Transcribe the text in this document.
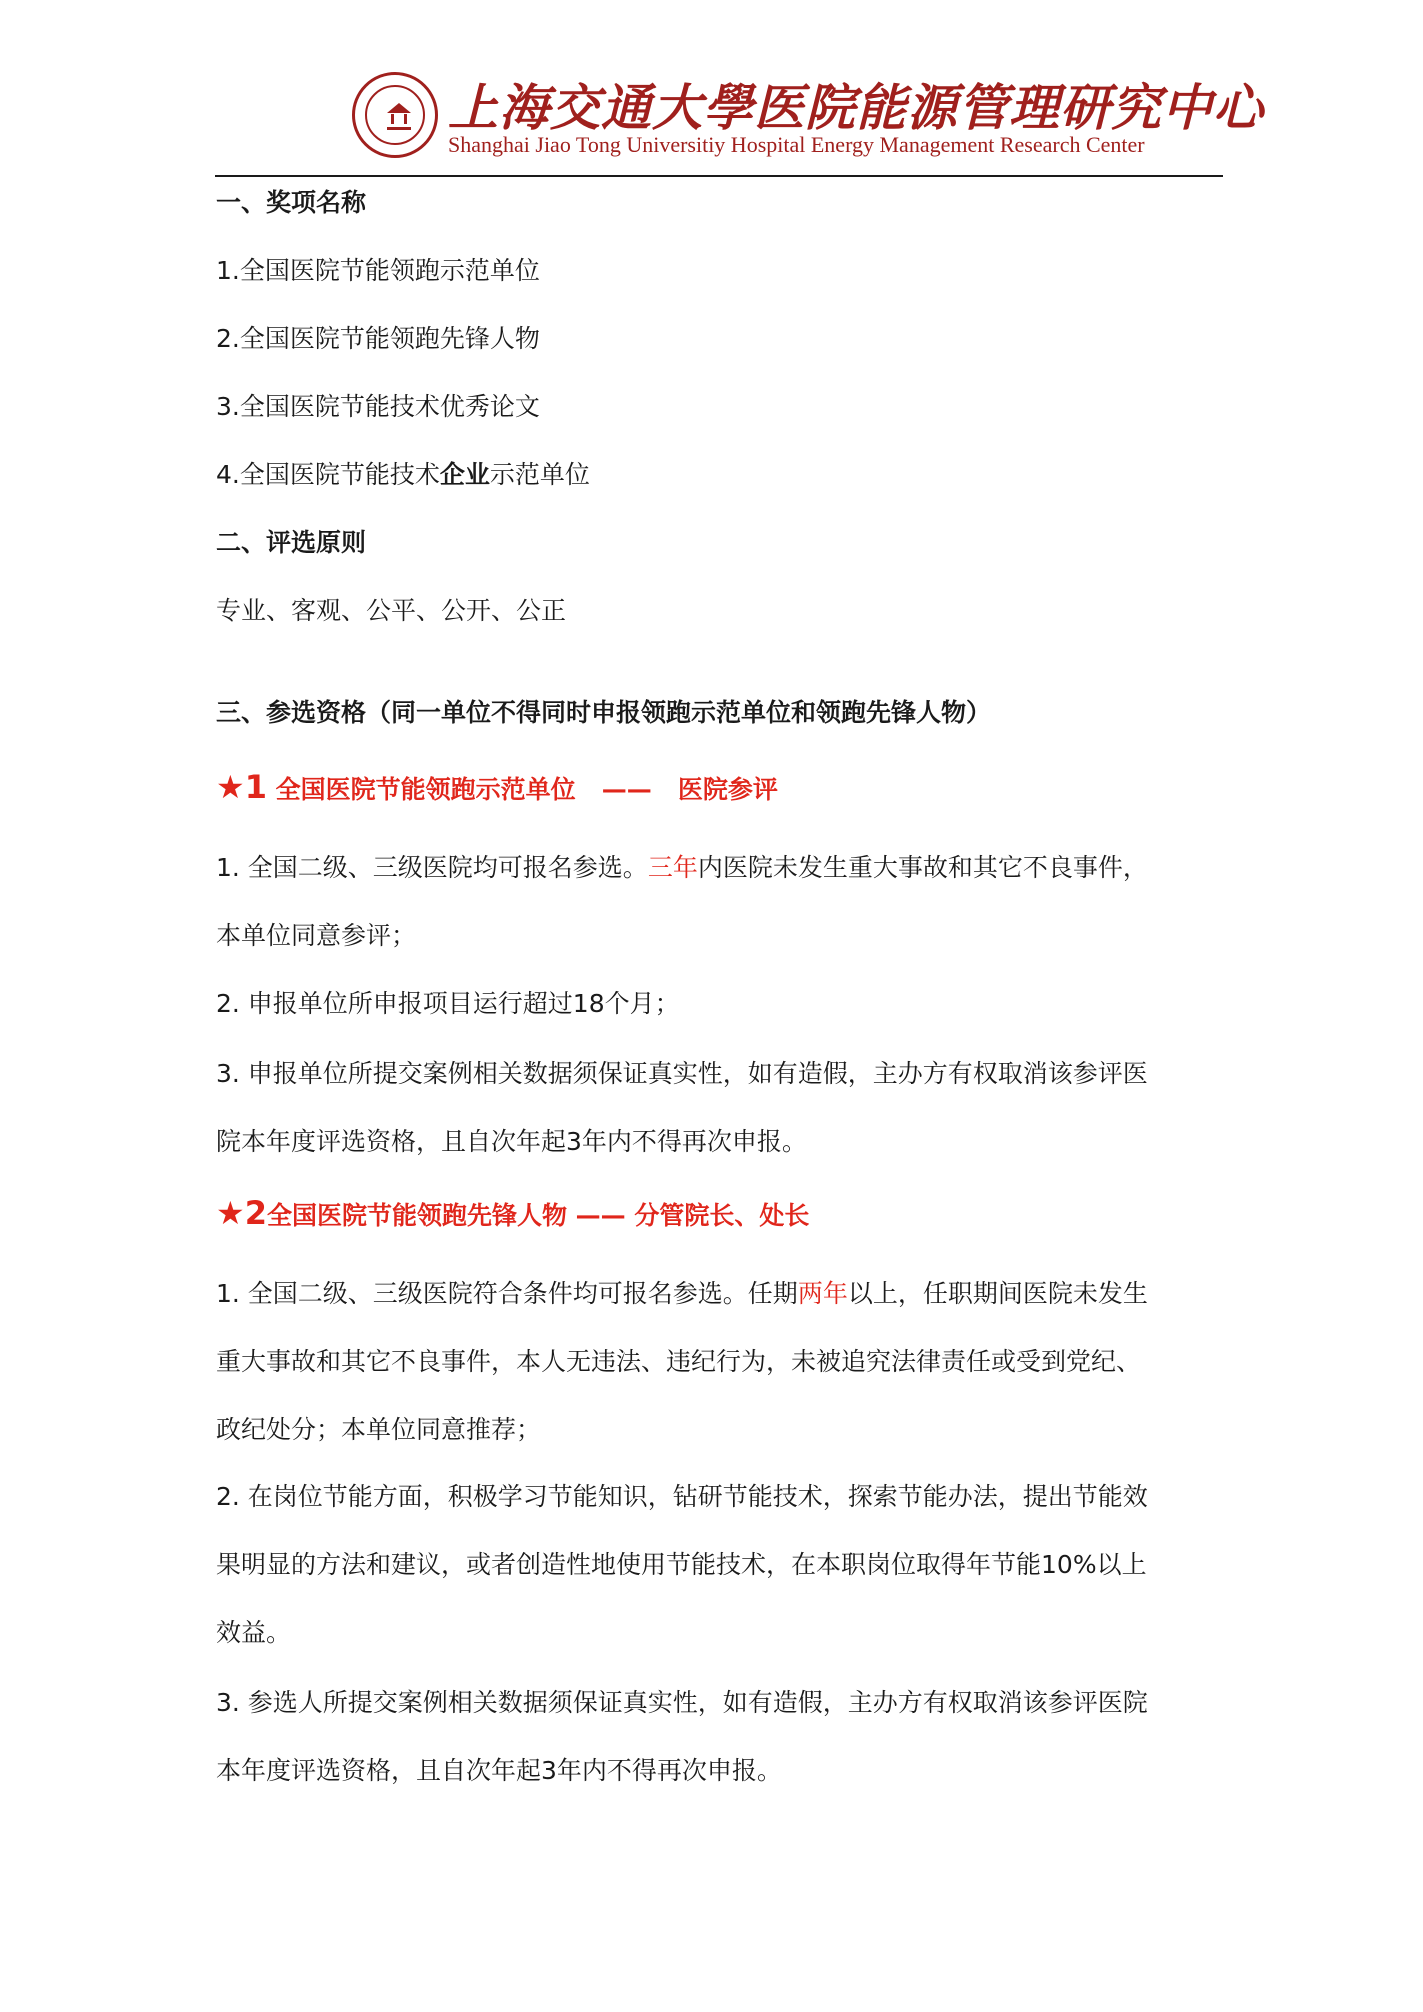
上海交通大學医院能源管理研究中心
Shanghai Jiao Tong Universitiy Hospital Energy Management Research Center
一、奖项名称
1.全国医院节能领跑示范单位
2.全国医院节能领跑先锋人物
3.全国医院节能技术优秀论文
4.全国医院节能技术企业示范单位
二、评选原则
专业、客观、公平、公开、公正
三、参选资格（同一单位不得同时申报领跑示范单位和领跑先锋人物）
★1 全国医院节能领跑示范单位   ——   医院参评
1. 全国二级、三级医院均可报名参选。三年内医院未发生重大事故和其它不良事件，
本单位同意参评；
2. 申报单位所申报项目运行超过18个月；
3. 申报单位所提交案例相关数据须保证真实性，如有造假，主办方有权取消该参评医
院本年度评选资格，且自次年起3年内不得再次申报。
★2全国医院节能领跑先锋人物 —— 分管院长、处长
1. 全国二级、三级医院符合条件均可报名参选。任期两年以上，任职期间医院未发生
重大事故和其它不良事件，本人无违法、违纪行为，未被追究法律责任或受到党纪、
政纪处分；本单位同意推荐；
2. 在岗位节能方面，积极学习节能知识，钻研节能技术，探索节能办法，提出节能效
果明显的方法和建议，或者创造性地使用节能技术，在本职岗位取得年节能10%以上
效益。
3. 参选人所提交案例相关数据须保证真实性，如有造假，主办方有权取消该参评医院
本年度评选资格，且自次年起3年内不得再次申报。
